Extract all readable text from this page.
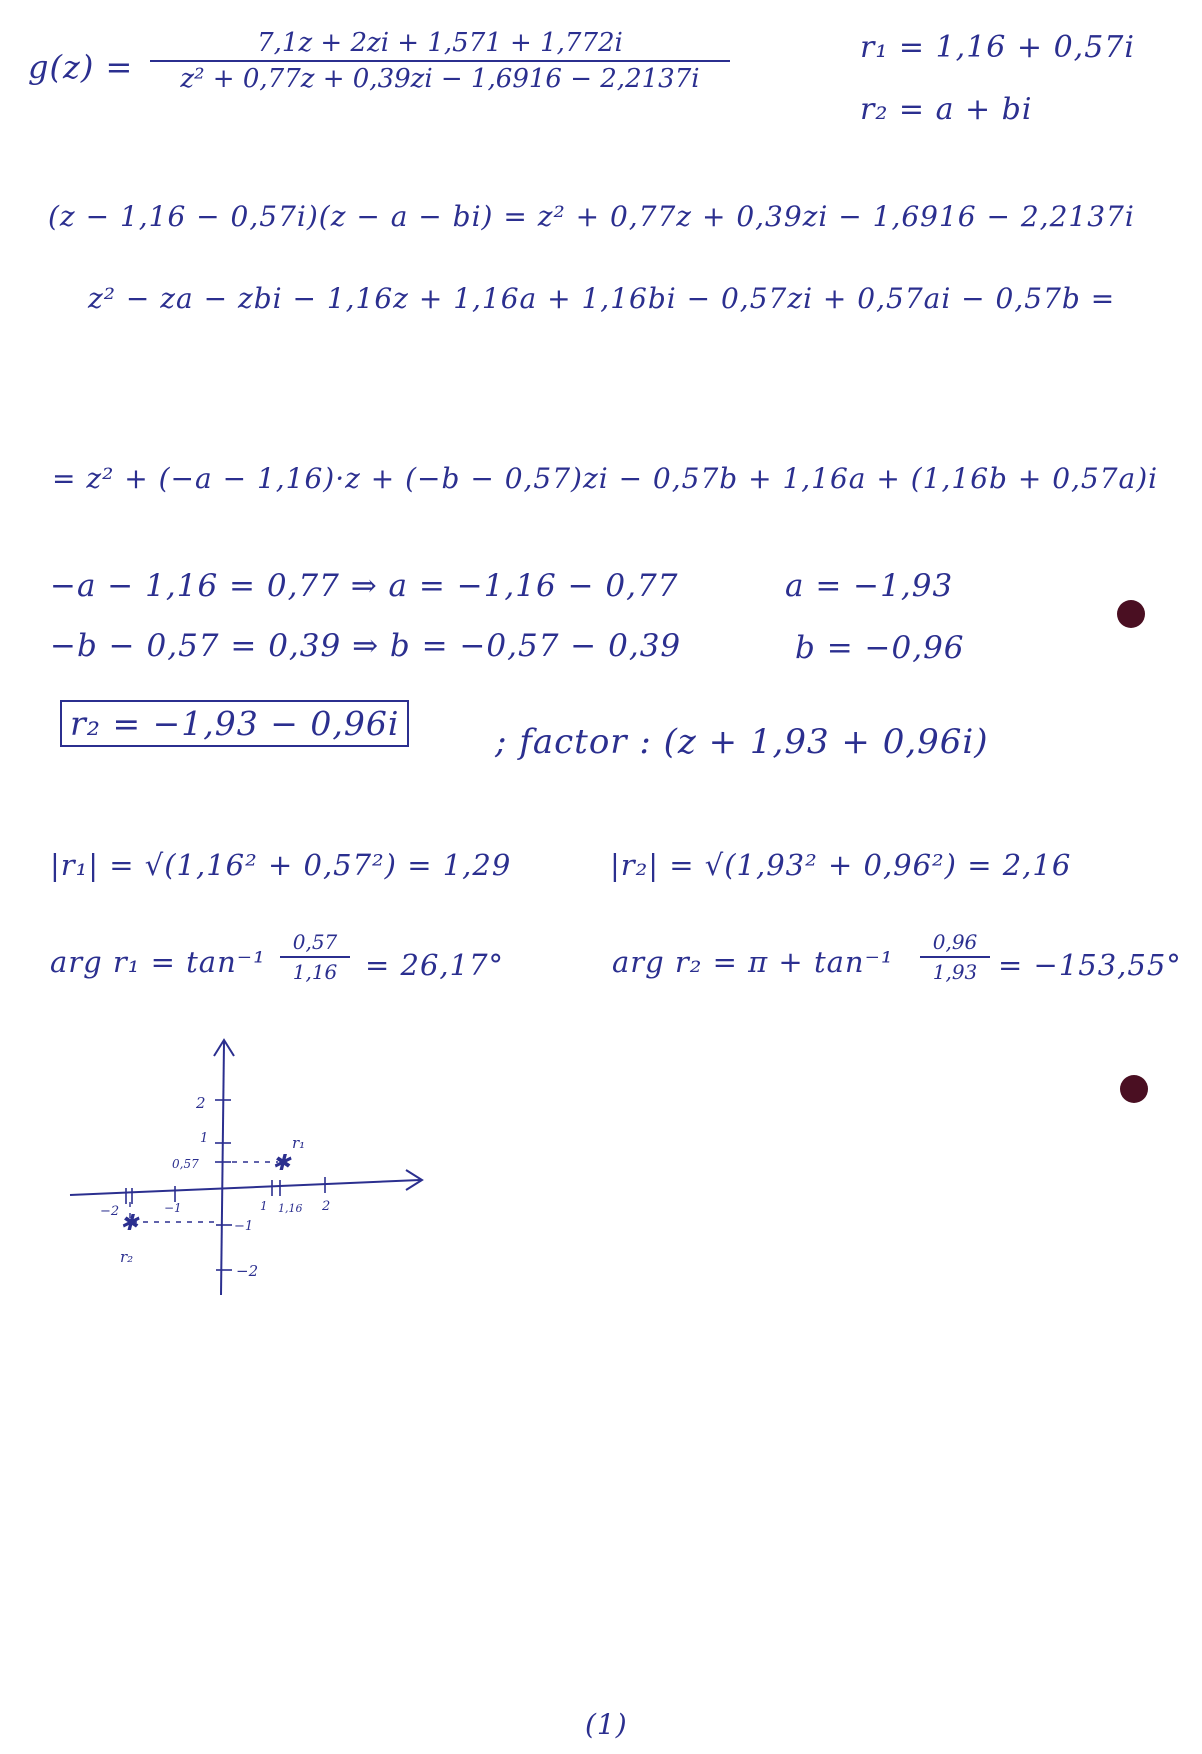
g(z) =
7,1z + 2zi + 1,571 + 1,772i
z² + 0,77z + 0,39zi − 1,6916 − 2,2137i
r₁ = 1,16 + 0,57i
r₂ = a + bi
(z − 1,16 − 0,57i)(z − a − bi) = z² + 0,77z + 0,39zi − 1,6916 − 2,2137i
z² − za − zbi − 1,16z + 1,16a + 1,16bi − 0,57zi + 0,57ai − 0,57b =
= z² + (−a − 1,16)·z + (−b − 0,57)zi − 0,57b + 1,16a + (1,16b + 0,57a)i
−a − 1,16 = 0,77 ⇒ a = −1,16 − 0,77	a = −1,93
−b − 0,57 = 0,39 ⇒ b = −0,57 − 0,39	b = −0,96
r₂ = −1,93 − 0,96i	; factor : (z + 1,93 + 0,96i)
|r₁| = √(1,16² + 0,57²) = 1,29	|r₂| = √(1,93² + 0,96²) = 2,16
arg r₁ = tan⁻¹
0,57
1,16 = 26,17°	arg r₂ = π + tan⁻¹
0,96
1,93 = −153,55°
✱
✱
2
1
0,57
−1
−2
−2	−1	1 1,16 2
r₁
r₂
(1)
